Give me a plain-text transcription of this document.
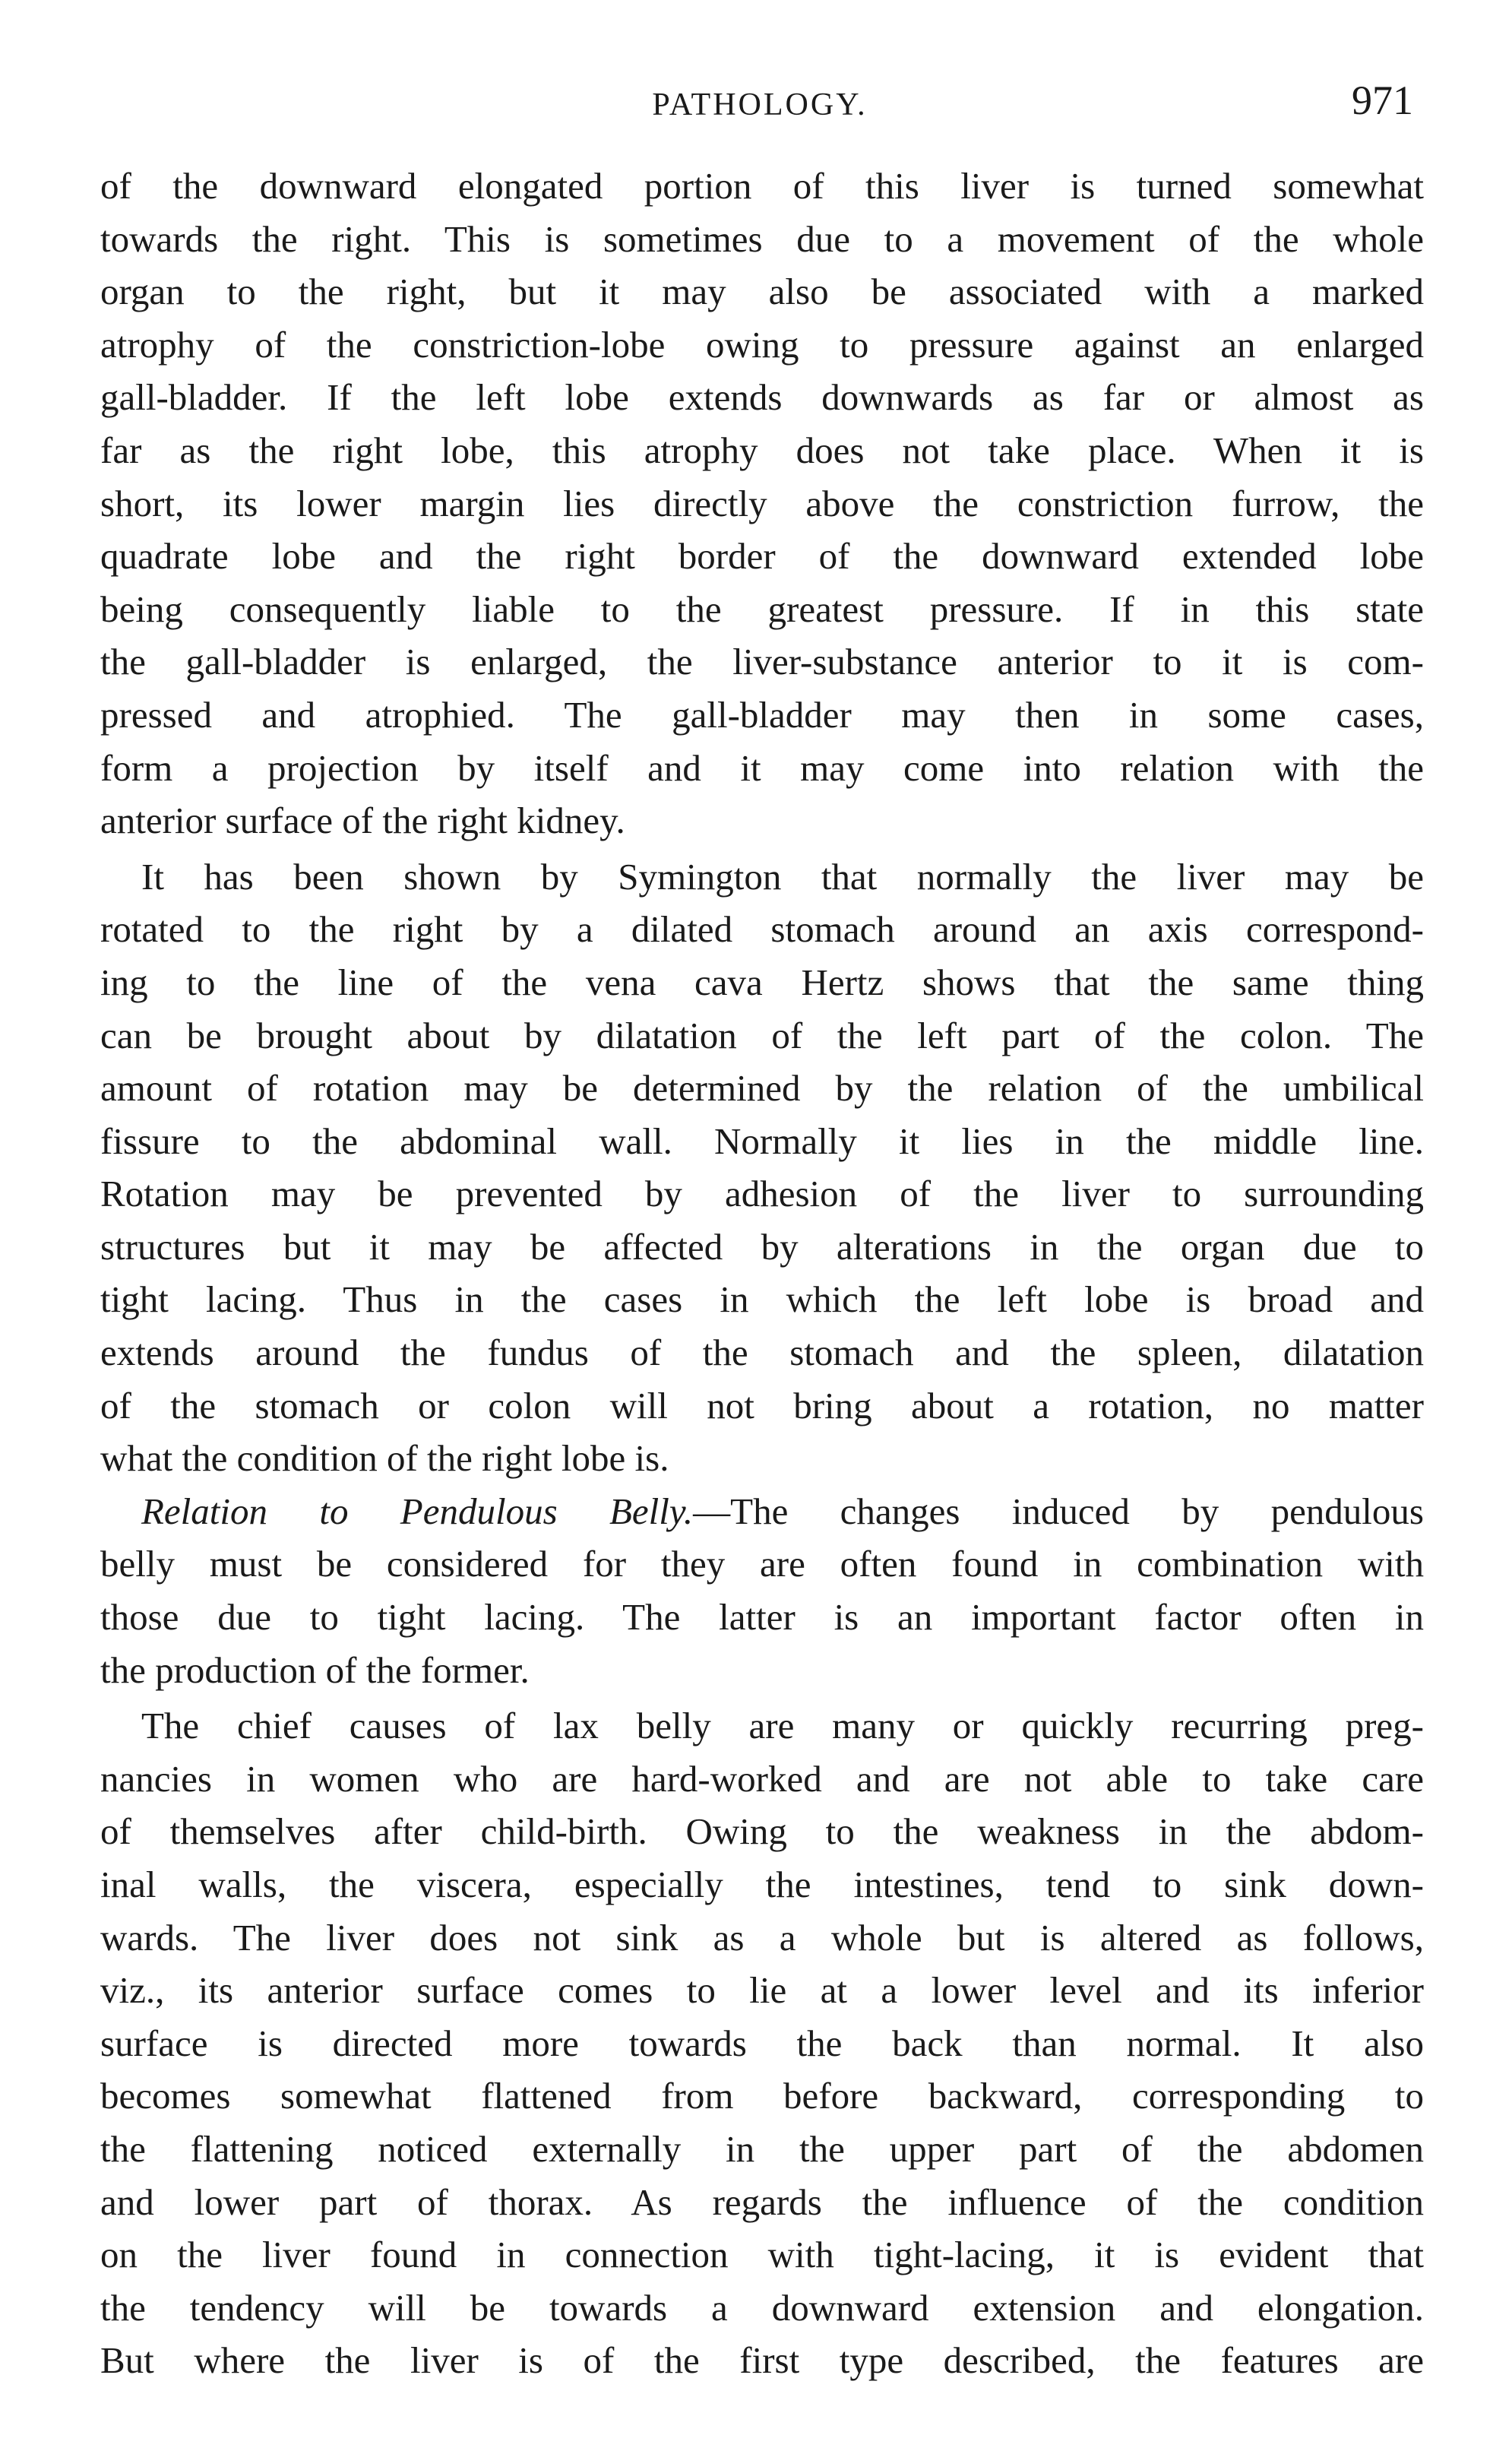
PATHOLOGY.	971
of the downward elongated portion of this liver is turned somewhat
towards the right. This is sometimes due to a movement of the whole
organ to the right, but it may also be associated with a marked
atrophy of the constriction-lobe owing to pressure against an enlarged
gall-bladder. If the left lobe extends downwards as far or almost as
far as the right lobe, this atrophy does not take place. When it is
short, its lower margin lies directly above the constriction furrow, the
quadrate lobe and the right border of the downward extended lobe
being consequently liable to the greatest pressure. If in this state
the gall-bladder is enlarged, the liver-substance anterior to it is com-
pressed and atrophied. The gall-bladder may then in some cases,
form a projection by itself and it may come into relation with the
anterior surface of the right kidney.
It has been shown by Symington that normally the liver may be
rotated to the right by a dilated stomach around an axis correspond-
ing to the line of the vena cava Hertz shows that the same thing
can be brought about by dilatation of the left part of the colon. The
amount of rotation may be determined by the relation of the umbilical
fissure to the abdominal wall. Normally it lies in the middle line.
Rotation may be prevented by adhesion of the liver to surrounding
structures but it may be affected by alterations in the organ due to
tight lacing. Thus in the cases in which the left lobe is broad and
extends around the fundus of the stomach and the spleen, dilatation
of the stomach or colon will not bring about a rotation, no matter
what the condition of the right lobe is.
Relation to Pendulous Belly.—The changes induced by pendulous
belly must be considered for they are often found in combination with
those due to tight lacing. The latter is an important factor often in
the production of the former.
The chief causes of lax belly are many or quickly recurring preg-
nancies in women who are hard-worked and are not able to take care
of themselves after child-birth. Owing to the weakness in the abdom-
inal walls, the viscera, especially the intestines, tend to sink down-
wards. The liver does not sink as a whole but is altered as follows,
viz., its anterior surface comes to lie at a lower level and its inferior
surface is directed more towards the back than normal. It also
becomes somewhat flattened from before backward, corresponding to
the flattening noticed externally in the upper part of the abdomen
and lower part of thorax. As regards the influence of the condition
on the liver found in connection with tight-lacing, it is evident that
the tendency will be towards a downward extension and elongation.
But where the liver is of the first type described, the features are
